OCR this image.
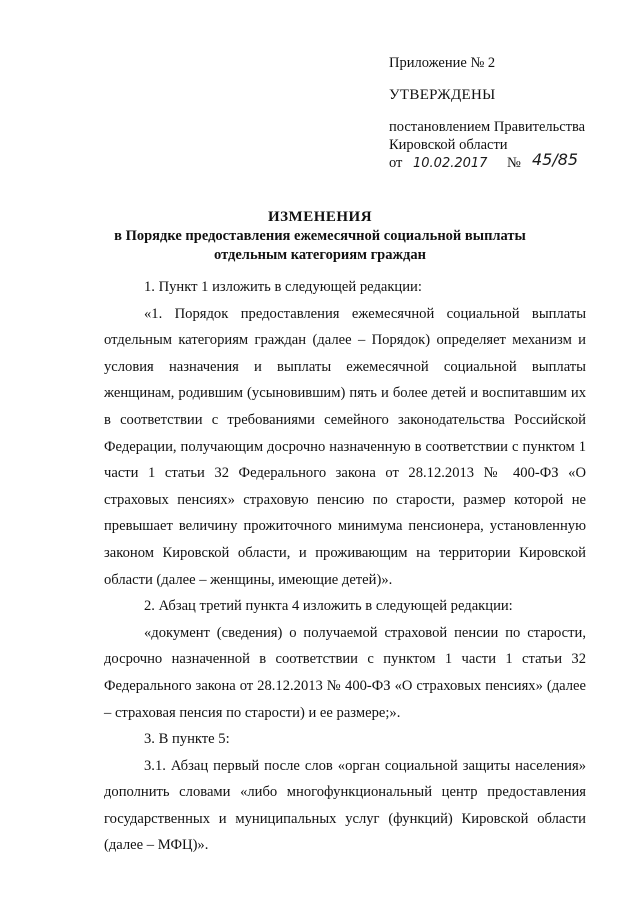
Приложение № 2
УТВЕРЖДЕНЫ
постановлением Правительства
Кировской области
от 10.02.2017 № 45/85
ИЗМЕНЕНИЯ
в Порядке предоставления ежемесячной социальной выплаты
отдельным категориям граждан

1. Пункт 1 изложить в следующей редакции:

«1. Порядок предоставления ежемесячной социальной выплаты отдельным категориям граждан (далее – Порядок) определяет механизм и условия назначения и выплаты ежемесячной социальной выплаты женщинам, родившим (усыновившим) пять и более детей и воспитавшим их в соответствии с требованиями семейного законодательства Российской Федерации, получающим досрочно назначенную в соответствии с пунктом 1 части 1 статьи 32 Федерального закона от 28.12.2013 № 400-ФЗ «О страховых пенсиях» страховую пенсию по старости, размер которой не превышает величину прожиточного минимума пенсионера, установленную законом Кировской области, и проживающим на территории Кировской области (далее – женщины, имеющие детей)».

2. Абзац третий пункта 4 изложить в следующей редакции:

«документ (сведения) о получаемой страховой пенсии по старости, досрочно назначенной в соответствии с пунктом 1 части 1 статьи 32 Федерального закона от 28.12.2013 № 400-ФЗ «О страховых пенсиях» (далее – страховая пенсия по старости) и ее размере;».

3. В пункте 5:

3.1. Абзац первый после слов «орган социальной защиты населения» дополнить словами «либо многофункциональный центр предоставления государственных и муниципальных услуг (функций) Кировской области (далее – МФЦ)».
